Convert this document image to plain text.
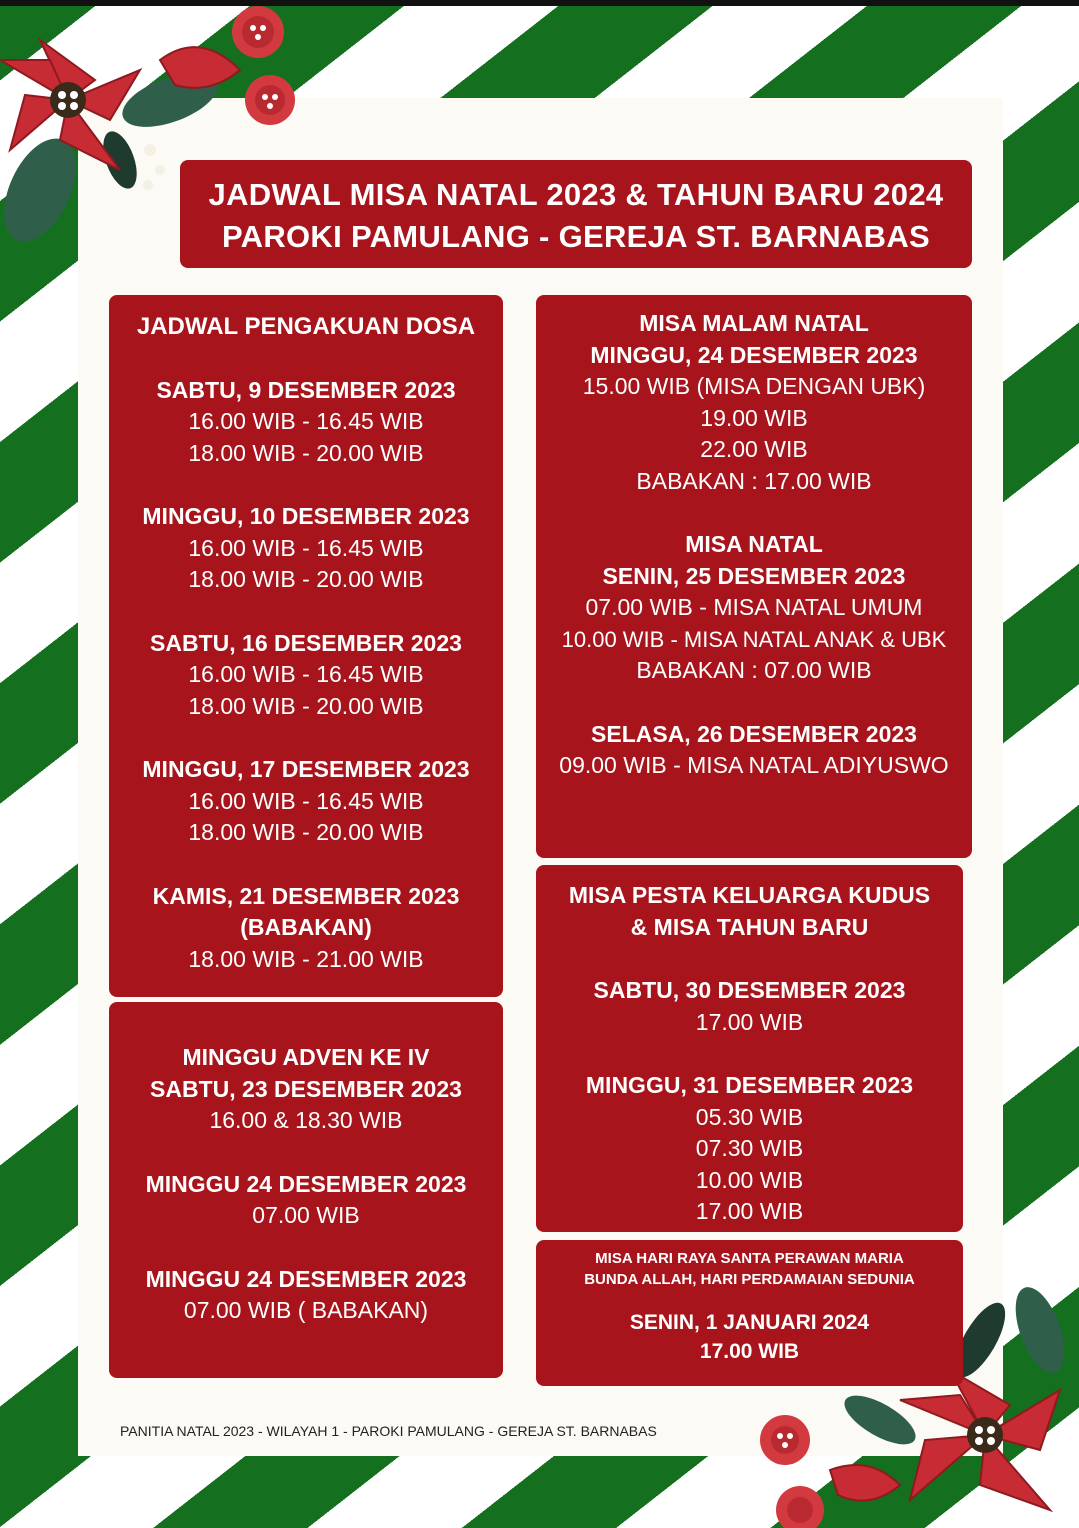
JADWAL MISA NATAL 2023 & TAHUN BARU 2024
PAROKI PAMULANG - GEREJA ST. BARNABAS
JADWAL PENGAKUAN DOSA
SABTU, 9 DESEMBER 2023
16.00 WIB - 16.45 WIB
18.00 WIB - 20.00 WIB
MINGGU, 10 DESEMBER 2023
16.00 WIB - 16.45 WIB
18.00 WIB - 20.00 WIB
SABTU, 16 DESEMBER 2023
16.00 WIB - 16.45 WIB
18.00 WIB - 20.00 WIB
MINGGU, 17 DESEMBER 2023
16.00 WIB - 16.45 WIB
18.00 WIB - 20.00 WIB
KAMIS, 21 DESEMBER 2023
(BABAKAN)
18.00 WIB - 21.00 WIB
MINGGU ADVEN KE IV
SABTU, 23 DESEMBER 2023
16.00 & 18.30 WIB
MINGGU 24 DESEMBER 2023
07.00 WIB
MINGGU 24 DESEMBER 2023
07.00 WIB ( BABAKAN)
MISA MALAM NATAL
MINGGU, 24 DESEMBER 2023
15.00 WIB (MISA DENGAN UBK)
19.00 WIB
22.00 WIB
BABAKAN : 17.00 WIB
MISA NATAL
SENIN, 25 DESEMBER 2023
07.00 WIB - MISA NATAL UMUM
10.00 WIB - MISA NATAL ANAK & UBK
BABAKAN : 07.00 WIB
SELASA, 26 DESEMBER 2023
09.00 WIB - MISA NATAL ADIYUSWO
MISA PESTA KELUARGA KUDUS
& MISA TAHUN BARU
SABTU, 30 DESEMBER 2023
17.00 WIB
MINGGU, 31 DESEMBER 2023
05.30 WIB
07.30 WIB
10.00 WIB
17.00 WIB
MISA HARI RAYA SANTA PERAWAN MARIA
BUNDA ALLAH, HARI PERDAMAIAN SEDUNIA
SENIN, 1 JANUARI 2024
17.00 WIB
PANITIA NATAL 2023 - WILAYAH 1 - PAROKI PAMULANG - GEREJA ST. BARNABAS
